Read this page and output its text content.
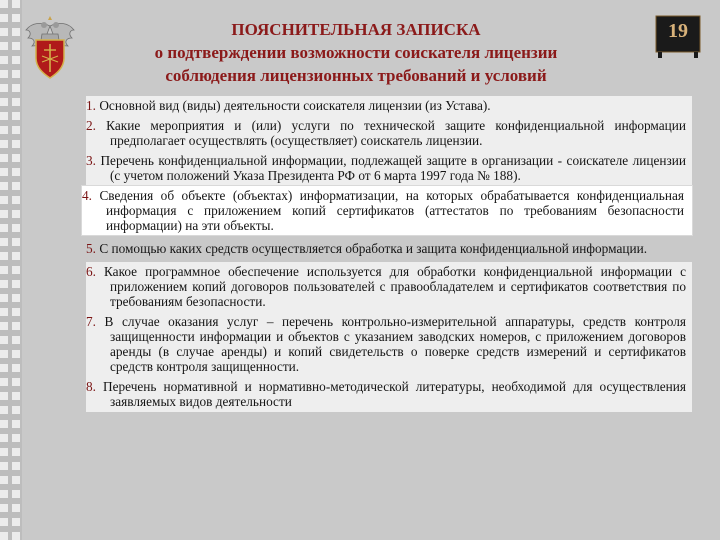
ПОЯСНИТЕЛЬНАЯ ЗАПИСКА
о подтверждении возможности соискателя лицензии
соблюдения лицензионных требований и условий
19

1. Основной вид (виды) деятельности соискателя лицензии (из Устава).

2. Какие мероприятия и (или) услуги по технической защите конфиденциальной информации предполагает осуществлять (осуществляет) соискатель лицензии.

3. Перечень конфиденциальной информации, подлежащей защите в организации - соискателе лицензии (с учетом положений Указа Президента РФ от 6 марта 1997 года № 188).

4. Сведения об объекте (объектах) информатизации, на которых обрабатывается конфиденциальная информация с приложением копий сертификатов (аттестатов по требованиям безопасности информации) на эти объекты.

5. С помощью каких средств осуществляется обработка и защита конфиденциальной информации.

6. Какое программное обеспечение используется для обработки конфиденциальной информации с приложением копий договоров пользователей с правообладателем и сертификатов соответствия по требованиям безопасности.

7. В случае оказания услуг – перечень контрольно-измерительной аппаратуры, средств контроля защищенности информации и объектов с указанием заводских номеров, с приложением договоров аренды (в случае аренды) и копий свидетельств о поверке средств измерений и сертификатов средств контроля защищенности.

8. Перечень нормативной и нормативно-методической литературы, необходимой для осуществления заявляемых видов деятельности
